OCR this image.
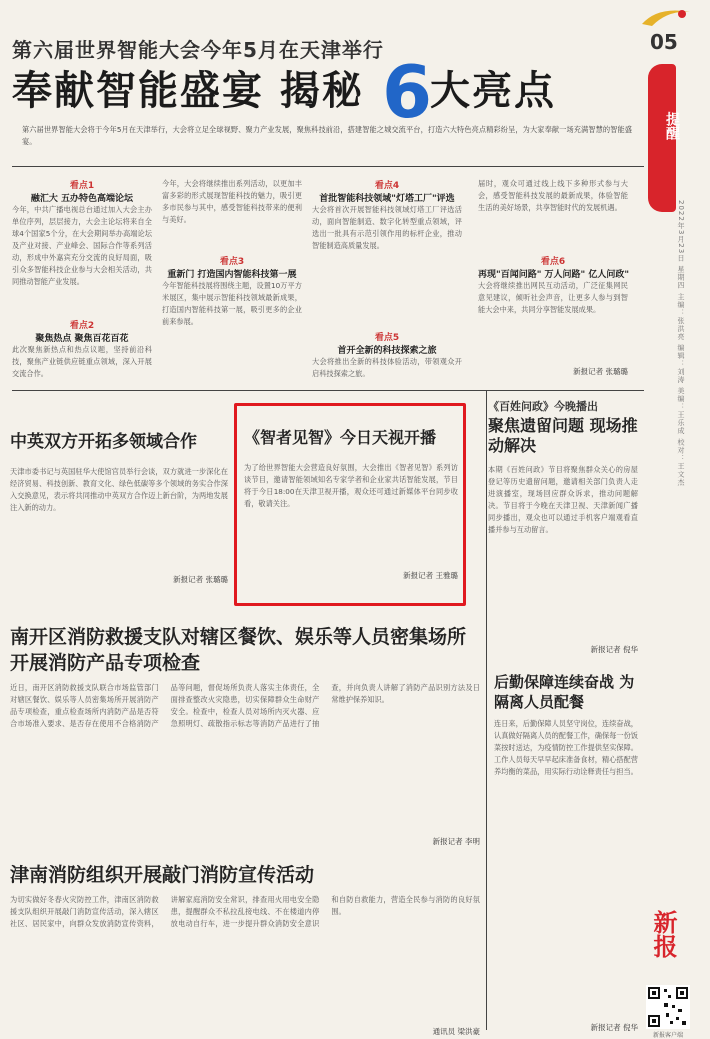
05
提醒
2022年3月23日 星期四 主编：张洪亮 编辑：刘涛 美编：王乐成 校对：王文杰
第六届世界智能大会今年5月在天津举行
奉献智能盛宴 揭秘 6
大亮点
第六届世界智能大会将于今年5月在天津举行，大会将立足全球视野、聚力产业发展，聚焦科技前沿，搭建智能之城交流平台，打造六大特色亮点精彩纷呈，为大家奉献一场充满智慧的智能盛宴。
看点1
融汇大 五办特色高端论坛
今年，中共广播电视总台通过加入大会主办单位序列，层层接力，大会主论坛将来自全球4个国家5个分，在大会期间举办高端论坛及产业对接、产业峰会、国际合作等系列活动，形成中外嘉宾充分交流的良好局面，吸引众多智能科技企业参与大会相关活动，共同推动智能产业发展。
看点2
聚焦热点 聚焦百花百花
此次聚焦新热点和热点议题，坚持前沿科技，聚焦产业链供应链重点领域，深入开展交流合作。
今年，大会将继续推出系列活动，以更加丰富多彩的形式展现智能科技的魅力，吸引更多市民参与其中，感受智能科技带来的便利与美好。
看点3
重新门 打造国内智能科技第一展
今年智能科技展将围绕主题，设置10万平方米展区，集中展示智能科技领域最新成果，打造国内智能科技第一展，吸引更多的企业前来参展。
看点4
首批智能科技领域"灯塔工厂"评选
大会将首次开展智能科技领域灯塔工厂评选活动，面向智能制造、数字化转型重点领域，评选出一批具有示范引领作用的标杆企业，推动智能制造高质量发展。
看点5
首开全新的科技探索之旅
大会将推出全新的科技体验活动，带领观众开启科技探索之旅。
届时，观众可通过线上线下多种形式参与大会，感受智能科技发展的最新成果，体验智能生活的美好场景，共享智能时代的发展机遇。
看点6
再现"百闻问路" 万人问路" 亿人问政"
大会将继续推出网民互动活动，广泛征集网民意见建议，倾听社会声音，让更多人参与到智能大会中来，共同分享智能发展成果。
新报记者 张璐璐
中英双方开拓多领域合作
天津市委书记与英国驻华大使馆官员举行会谈，双方就进一步深化在经济贸易、科技创新、教育文化、绿色低碳等多个领域的务实合作深入交换意见，表示将共同推动中英双方合作迈上新台阶，为两地发展注入新的动力。
新报记者 张璐璐
《智者见智》今日天视开播
为了给世界智能大会营造良好氛围，大会推出《智者见智》系列访谈节目，邀请智能领域知名专家学者和企业家共话智能发展，节目将于今日18:00在天津卫视开播，观众还可通过新媒体平台同步收看，敬请关注。
新报记者 王雅璐
《百姓问政》今晚播出
聚焦遗留问题 现场推动解决
本期《百姓问政》节目将聚焦群众关心的房屋登记等历史遗留问题，邀请相关部门负责人走进演播室，现场回应群众诉求，推动问题解决。节目将于今晚在天津卫视、天津新闻广播同步播出，观众也可以通过手机客户端观看直播并参与互动留言。
新报记者 倪华
南开区消防救援支队对辖区餐饮、娱乐等人员密集场所开展消防产品专项检查
近日，南开区消防救援支队联合市场监管部门对辖区餐饮、娱乐等人员密集场所开展消防产品专项检查，重点检查场所内消防产品是否符合市场准入要求、是否存在使用不合格消防产品等问题，督促场所负责人落实主体责任，全面排查整改火灾隐患，切实保障群众生命财产安全。检查中，检查人员对场所内灭火器、应急照明灯、疏散指示标志等消防产品进行了抽查，并向负责人讲解了消防产品识别方法及日常维护保养知识。
新报记者 李明
后勤保障连续奋战 为隔离人员配餐
连日来，后勤保障人员坚守岗位，连续奋战，认真做好隔离人员的配餐工作，确保每一份饭菜按时送达，为疫情防控工作提供坚实保障。工作人员每天早早起床准备食材，精心搭配营养均衡的菜品，用实际行动诠释责任与担当。
新报记者 倪华
津南消防组织开展敲门消防宣传活动
为切实做好冬春火灾防控工作，津南区消防救援支队组织开展敲门消防宣传活动，深入辖区社区、居民家中，向群众发放消防宣传资料，讲解家庭消防安全常识，排查用火用电安全隐患，提醒群众不私拉乱接电线、不在楼道内停放电动自行车，进一步提升群众消防安全意识和自防自救能力，营造全民参与消防的良好氛围。
通讯员 梁洪豪
新报
新报客户端
